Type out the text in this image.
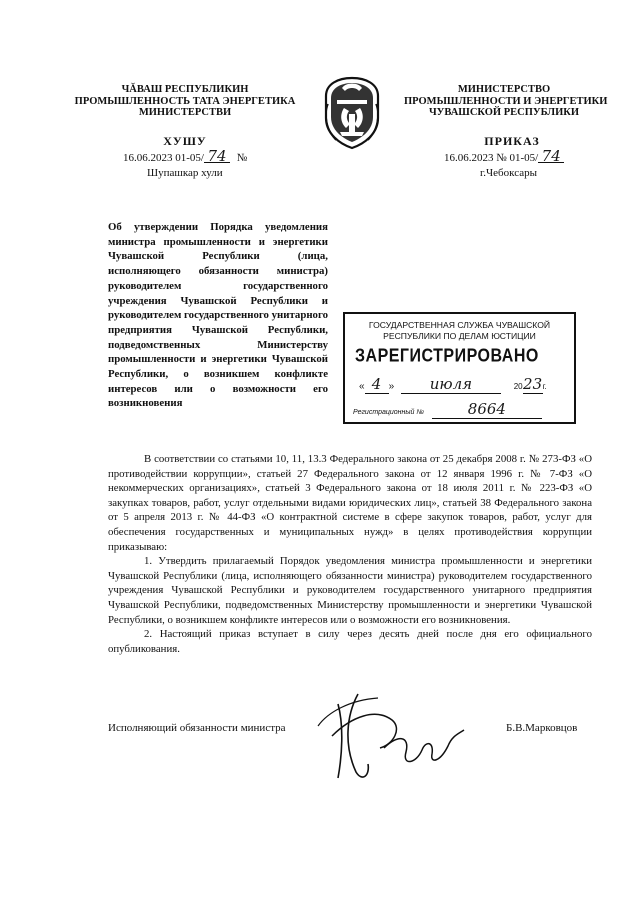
ЧĂВАШ РЕСПУБЛИКИН
ПРОМЫШЛЕННОСТЬ ТАТА ЭНЕРГЕТИКА
МИНИСТЕРСТВИ
ХУШУ
16.06.2023 01-05/ 74 №
Шупашкар хули
МИНИСТЕРСТВО
ПРОМЫШЛЕННОСТИ И ЭНЕРГЕТИКИ
ЧУВАШСКОЙ РЕСПУБЛИКИ
ПРИКАЗ
16.06.2023 № 01-05/ 74
г.Чебоксары
Об утверждении Порядка уведомления министра промышленности и энергетики Чувашской Республики (лица, исполняющего обязанности министра) руководителем государственного учреждения Чувашской Республики и руководителем государственного унитарного предприятия Чувашской Республики, подведомственных Министерству промышленности и энергетики Чувашской Республики, о возникшем конфликте интересов или о возможности его возникновения
ГОСУДАРСТВЕННАЯ СЛУЖБА ЧУВАШСКОЙ
РЕСПУБЛИКИ ПО ДЕЛАМ ЮСТИЦИИ
ЗАРЕГИСТРИРОВАНО
« 4 » июля	2023г.
Регистрационный №	8664

В соответствии со статьями 10, 11, 13.3 Федерального закона от 25 декабря 2008 г. № 273-ФЗ «О противодействии коррупции», статьей 27 Федерального закона от 12 января 1996 г. № 7-ФЗ «О некоммерческих организациях», статьей 3 Федерального закона от 18 июля 2011 г. № 223-ФЗ «О закупках товаров, работ, услуг отдельными видами юридических лиц», статьей 38 Федерального закона от 5 апреля 2013 г. № 44-ФЗ «О контрактной системе в сфере закупок товаров, работ, услуг для обеспечения государственных и муниципальных нужд» в целях противодействия коррупции приказываю:

1. Утвердить прилагаемый Порядок уведомления министра промышленности и энергетики Чувашской Республики (лица, исполняющего обязанности министра) руководителем государственного учреждения Чувашской Республики и руководителем государственного унитарного предприятия Чувашской Республики, подведомственных Министерству промышленности и энергетики Чувашской Республики, о возникшем конфликте интересов или о возможности его возникновения.

2. Настоящий приказ вступает в силу через десять дней после дня его официального опубликования.

Исполняющий обязанности министра	Б.В.Марковцов
